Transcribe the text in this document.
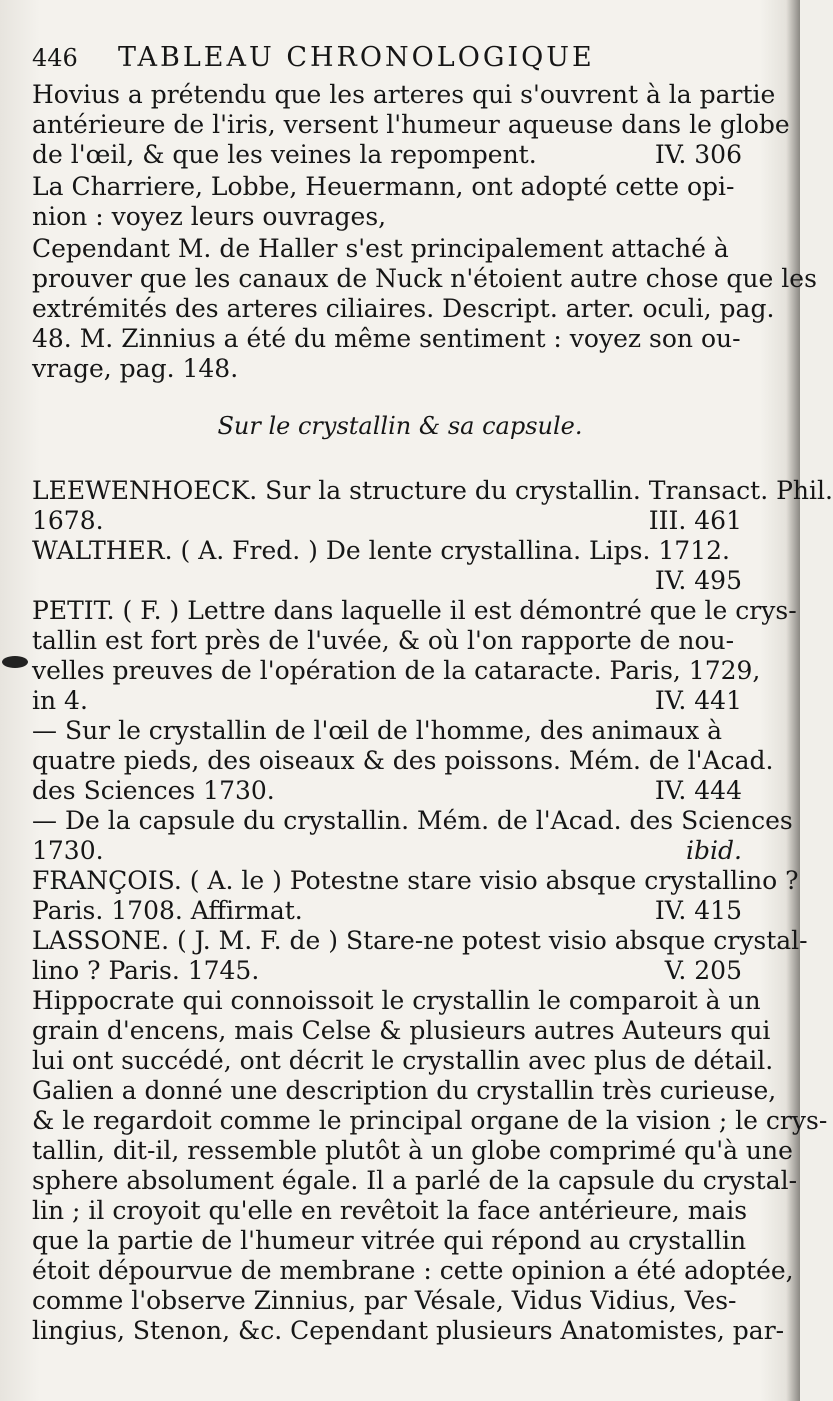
446 TABLEAU CHRONOLOGIQUE
Hovius a prétendu que les arteres qui s'ouvrent à la partie
antérieure de l'iris, versent l'humeur aqueuse dans le globe
de l'œil, & que les veines la repompent.	IV. 306
La Charriere, Lobbe, Heuermann, ont adopté cette opi-
nion : voyez leurs ouvrages,
Cependant M. de Haller s'est principalement attaché à
prouver que les canaux de Nuck n'étoient autre chose que les
extrémités des arteres ciliaires. Descript. arter. oculi, pag.
48. M. Zinnius a été du même sentiment : voyez son ou-
vrage, pag. 148.
Sur le crystallin & sa capsule.
LEEWENHOECK. Sur la structure du crystallin. Transact. Phil.
1678.	III. 461
WALTHER. ( A. Fred. ) De lente crystallina. Lips. 1712.
IV. 495
PETIT. ( F. ) Lettre dans laquelle il est démontré que le crys-
tallin est fort près de l'uvée, & où l'on rapporte de nou-
velles preuves de l'opération de la cataracte. Paris, 1729,
in 4.	IV. 441
— Sur le crystallin de l'œil de l'homme, des animaux à
quatre pieds, des oiseaux & des poissons. Mém. de l'Acad.
des Sciences 1730.	IV. 444
— De la capsule du crystallin. Mém. de l'Acad. des Sciences
1730.	ibid.
FRANÇOIS. ( A. le ) Potestne stare visio absque crystallino ?
Paris. 1708. Affirmat.	IV. 415
LASSONE. ( J. M. F. de ) Stare-ne potest visio absque crystal-
lino ? Paris. 1745.	V. 205
Hippocrate qui connoissoit le crystallin le comparoit à un
grain d'encens, mais Celse & plusieurs autres Auteurs qui
lui ont succédé, ont décrit le crystallin avec plus de détail.
Galien a donné une description du crystallin très curieuse,
& le regardoit comme le principal organe de la vision ; le crys-
tallin, dit-il, ressemble plutôt à un globe comprimé qu'à une
sphere absolument égale. Il a parlé de la capsule du crystal-
lin ; il croyoit qu'elle en revêtoit la face antérieure, mais
que la partie de l'humeur vitrée qui répond au crystallin
étoit dépourvue de membrane : cette opinion a été adoptée,
comme l'observe Zinnius, par Vésale, Vidus Vidius, Ves-
lingius, Stenon, &c. Cependant plusieurs Anatomistes, par-
